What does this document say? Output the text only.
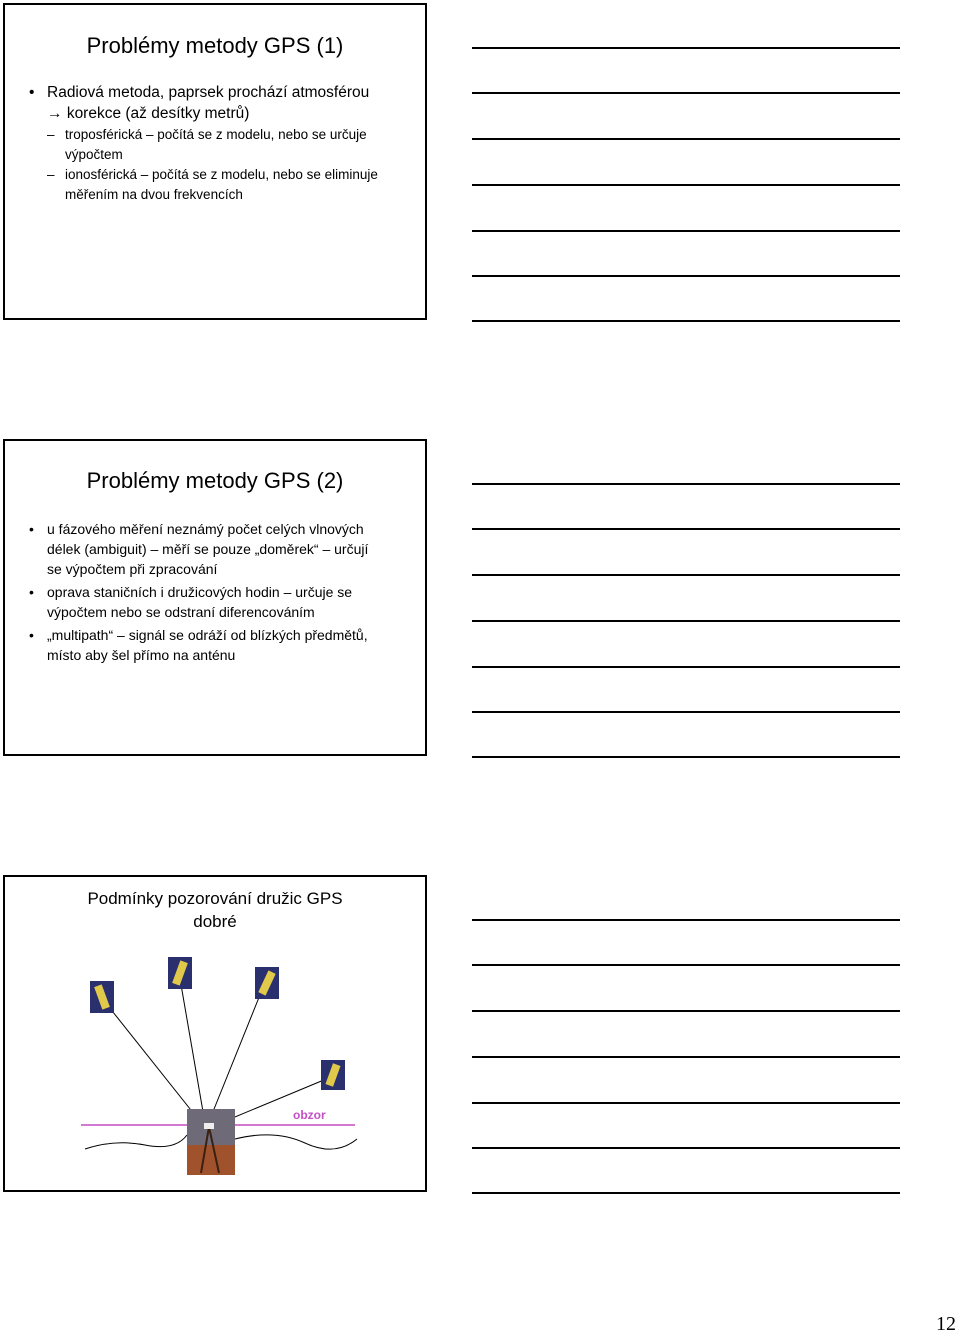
Problémy metody GPS (1)
• Radiová metoda, paprsek prochází atmosférou
→ korekce (až desítky metrů)
– troposférická – počítá se z modelu, nebo se určuje výpočtem
– ionosférická – počítá se z modelu, nebo se eliminuje měřením na dvou frekvencích
Problémy metody GPS (2)
• u fázového měření neznámý počet celých vlnových délek (ambiguit) – měří se pouze „doměrek“ – určují se výpočtem při zpracování
• oprava staničních i družicových hodin – určuje se výpočtem nebo se odstraní diferencováním
• „multipath“ – signál se odráží od blízkých předmětů, místo aby šel přímo na anténu
Podmínky pozorování družic GPS
dobré
obzor
12
